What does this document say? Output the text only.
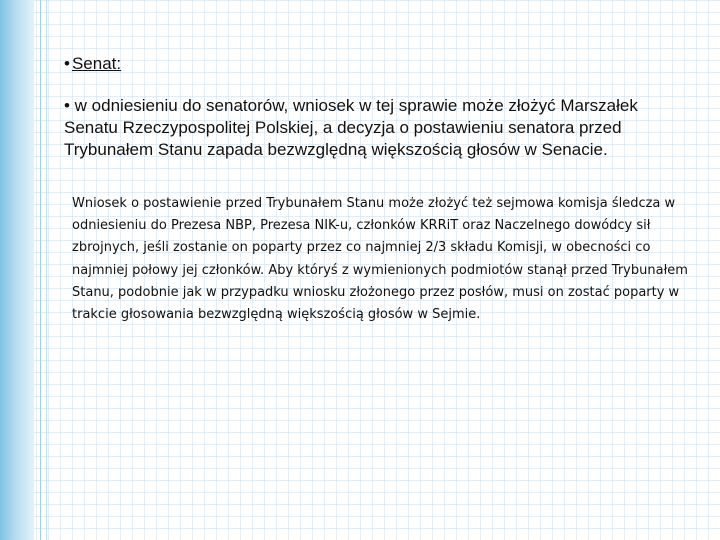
• Senat:

• w odniesieniu do senatorów, wniosek w tej sprawie może złożyć Marszałek Senatu Rzeczypospolitej Polskiej, a decyzja o postawieniu senatora przed Trybunałem Stanu zapada bezwzględną większością głosów w Senacie.
Wniosek o postawienie przed Trybunałem Stanu może złożyć też sejmowa komisja śledcza w odniesieniu do Prezesa NBP, Prezesa NIK-u, członków KRRiT oraz Naczelnego dowódcy sił zbrojnych, jeśli zostanie on poparty przez co najmniej 2/3 składu Komisji, w obecności co najmniej połowy jej członków. Aby któryś z wymienionych podmiotów stanął przed Trybunałem Stanu, podobnie jak w przypadku wniosku złożonego przez posłów, musi on zostać poparty w trakcie głosowania bezwzględną większością głosów w Sejmie.
